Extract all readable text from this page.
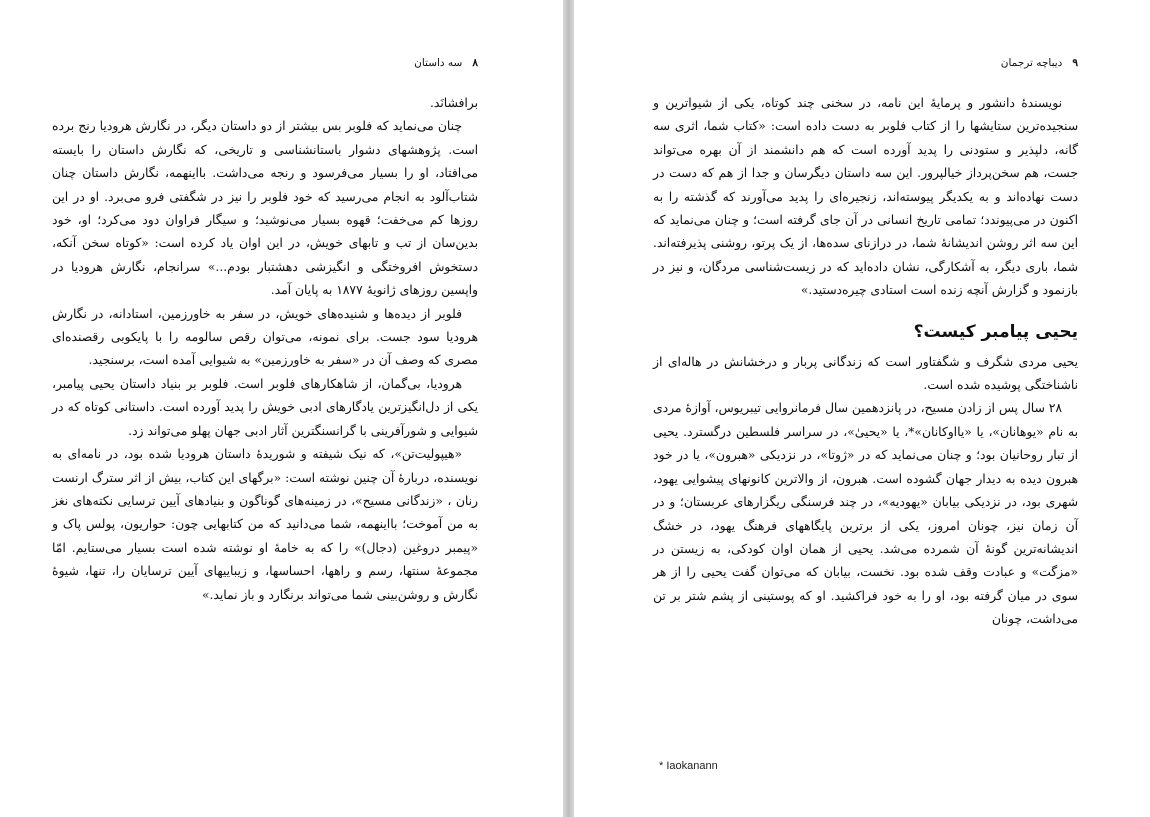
۸
سه داستان

برافشانَد.

چنان می‌نماید که فلوبر بس بیشتر از دو داستان دیگر، در نگارش هرودیا رنج برده است. پژوهشهای دشوار باستانشناسی و تاریخی، که نگارش داستان را بایسته می‌افتاد، او را بسیار می‌فرسود و رنجه می‌داشت. بااینهمه، نگارش داستان چنان شتاب‌آلود به انجام می‌رسید که خود فلوبر را نیز در شگفتی فرو می‌برد. او در این روزها کم می‌خفت؛ قهوه بسیار می‌نوشید؛ و سیگار فراوان دود می‌کرد؛ او، خود بدین‌سان از تب و تابهای خویش، در این اوان یاد کرده است: «کوتاه سخن آنکه، دستخوش افروختگی و انگیزشی دهشتبار بودم...» سرانجام، نگارش هرودیا در واپسین روزهای ژانویهٔ ۱۸۷۷ به پایان آمد.

فلوبر از دیده‌ها و شنیده‌های خویش، در سفر به خاورزمین، استادانه، در نگارش هرودیا سود جست. برای نمونه، می‌توان رقص سالومه را با پایکوبی رقصنده‌ای مصری که وصف آن در «سفر به خاورزمین» به شیوایی آمده است، برسنجید.

هرودیا، بی‌گمان، از شاهکارهای فلوبر است. فلوبر بر بنیاد داستان یحیی پیامبر، یکی از دل‌انگیزترین یادگارهای ادبی خویش را پدید آورده است. داستانی کوتاه که در شیوایی و شورآفرینی با گرانسنگترین آثار ادبی جهان پهلو می‌تواند زد.

«هیپولیت‌تن»، که نیک شیفته و شوریدهٔ داستان هرودیا شده بود، در نامه‌ای به نویسنده، دربارهٔ آن چنین نوشته است: «برگهای این کتاب، بیش از اثر سترگ ارنست رنان ، «زندگانی مسیح»، در زمینه‌های گوناگون و بنیادهای آیین ترسایی نکته‌های نغز به من آموخت؛ بااینهمه، شما می‌دانید که من کتابهایی چون: حواریون، پولس پاک و «پیمبر دروغین (دجال)» را که به خامهٔ او نوشته شده است بسیار می‌ستایم. امّا مجموعهٔ سنتها، رسم و راهها، احساسها، و زیباییهای آیین ترسایان را، تنها، شیوهٔ نگارش و روشن‌بینی شما می‌تواند برنگارد و باز نماید.»

۹
دیباچه ترجمان

نویسندهٔ دانشور و پرمایهٔ این نامه، در سخنی چند کوتاه، یکی از شیواترین و سنجیده‌ترین ستایشها را از کتاب فلوبر به دست داده است: «کتاب شما، اثری سه گانه، دلپذیر و ستودنی را پدید آورده است که هم دانشمند از آن بهره می‌تواند جست، هم سخن‌پرداز خیالپرور. این سه داستان دیگرسان و جدا از هم که دست در دست نهاده‌اند و به یکدیگر پیوسته‌اند، زنجیره‌ای را پدید می‌آورند که گذشته را به اکنون در می‌پیوندد؛ تمامی تاریخ انسانی در آن جای گرفته است؛ و چنان می‌نماید که این سه اثر روشن اندیشانهٔ شما، در درازنای سده‌ها، از یک پرتو، روشنی پذیرفته‌اند. شما، باری دیگر، به آشکارگی، نشان داده‌اید که در زیست‌شناسی مردگان، و نیز در بازنمود و گزارش آنچه زنده است استادی چیره‌دستید.»

یحیی پیامبر کیست؟

یحیی مردی شگرف و شگفتاور است که زندگانی پربار و درخشانش در هاله‌ای از ناشناختگی پوشیده شده است.

۲۸ سال پس از زادن مسیح، در پانزدهمین سال فرمانروایی تیبریوس، آوازهٔ مردی به نام «یوهانان»، یا «یااوکانان»*، یا «یحییٰ»، در سراسر فلسطین درگسترد. یحیی از تبار روحانیان بود؛ و چنان می‌نماید که در «ژوتا»، در نزدیکی «هبرون»، یا در خود هبرون دیده به دیدار جهان گشوده است. هبرون، از والاترین کانونهای پیشوایی یهود، شهری بود، در نزدیکی بیابان «یهودیه»، در چند فرسنگی ریگزارهای عربستان؛ و در آن زمان نیز، چونان امروز، یکی از برترین پایگاههای فرهنگ یهود، در خشگ اندیشانه‌ترین گونهٔ آن شمرده می‌شد. یحیی از همان اوان کودکی، به زیستن در «مزگت» و عبادت وقف شده بود. نخست، بیابان که می‌توان گفت یحیی را از هر سوی در میان گرفته بود، او را به خود فراکشید. او که پوستینی از پشم شتر بر تن می‌داشت، چونان

* Iaokanann
